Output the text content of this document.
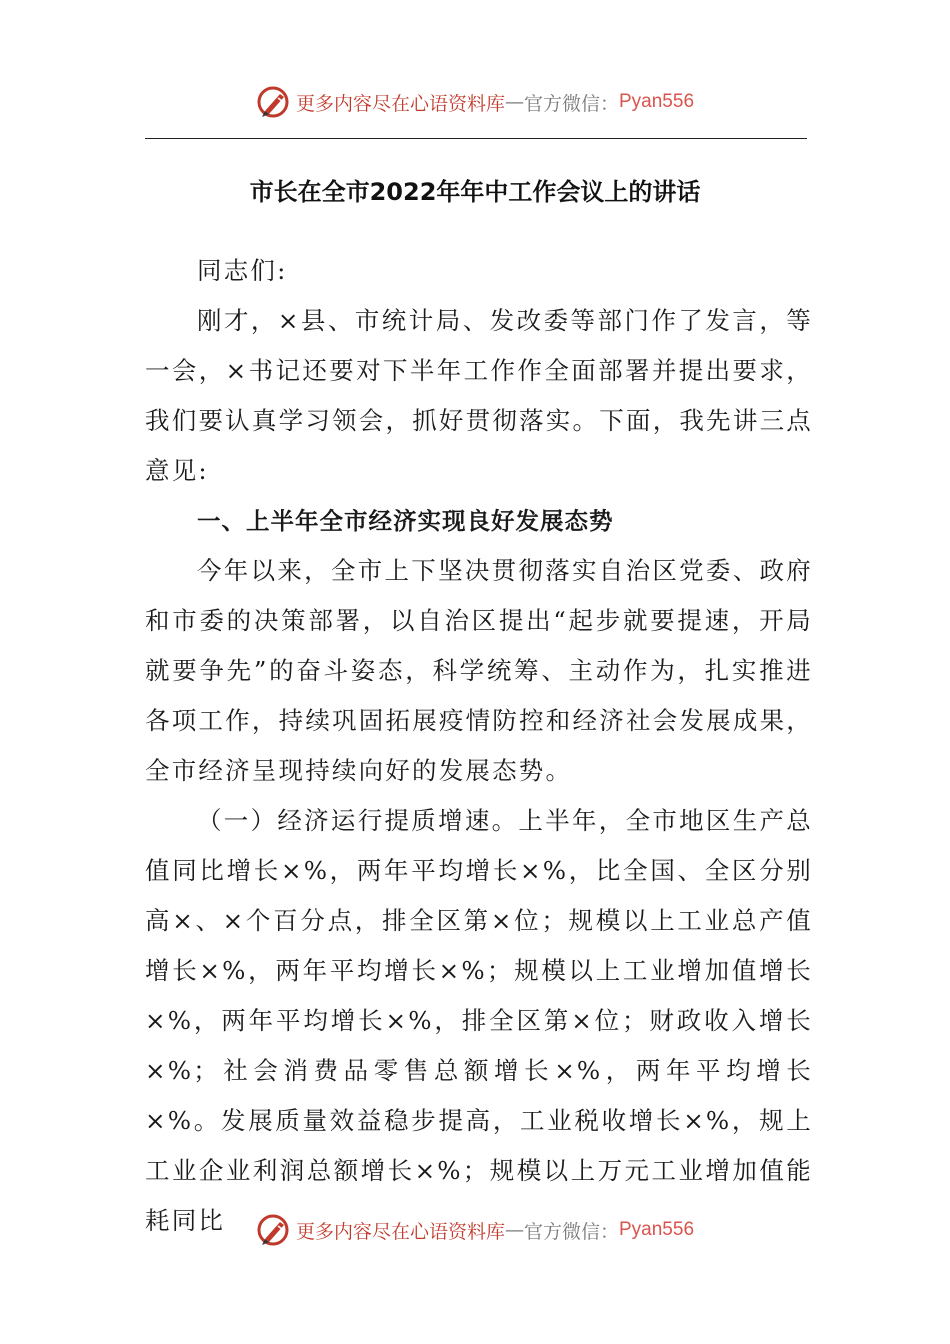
更多内容尽在心语资料库 — 官方微信： Pyan556
市长在全市2022年年中工作会议上的讲话

同志们:

刚才，×县、市统计局、发改委等部门作了发言，等一会，×书记还要对下半年工作作全面部署并提出要求，我们要认真学习领会，抓好贯彻落实。下面，我先讲三点意见:

一、上半年全市经济实现良好发展态势

今年以来，全市上下坚决贯彻落实自治区党委、政府和市委的决策部署，以自治区提出“起步就要提速，开局就要争先”的奋斗姿态，科学统筹、主动作为，扎实推进各项工作，持续巩固拓展疫情防控和经济社会发展成果，全市经济呈现持续向好的发展态势。

（一）经济运行提质增速。上半年，全市地区生产总值同比增长×%，两年平均增长×%，比全国、全区分别高×、×个百分点，排全区第×位；规模以上工业总产值增长×%，两年平均增长×%；规模以上工业增加值增长×%，两年平均增长×%，排全区第×位；财政收入增长×%；社会消费品零售总额增长×%，两年平均增长×%。发展质量效益稳步提高，工业税收增长×%，规上工业企业利润总额增长×%；规模以上万元工业增加值能耗同比	更多内容尽在心语资料库 — 官方微信： Pyan556
